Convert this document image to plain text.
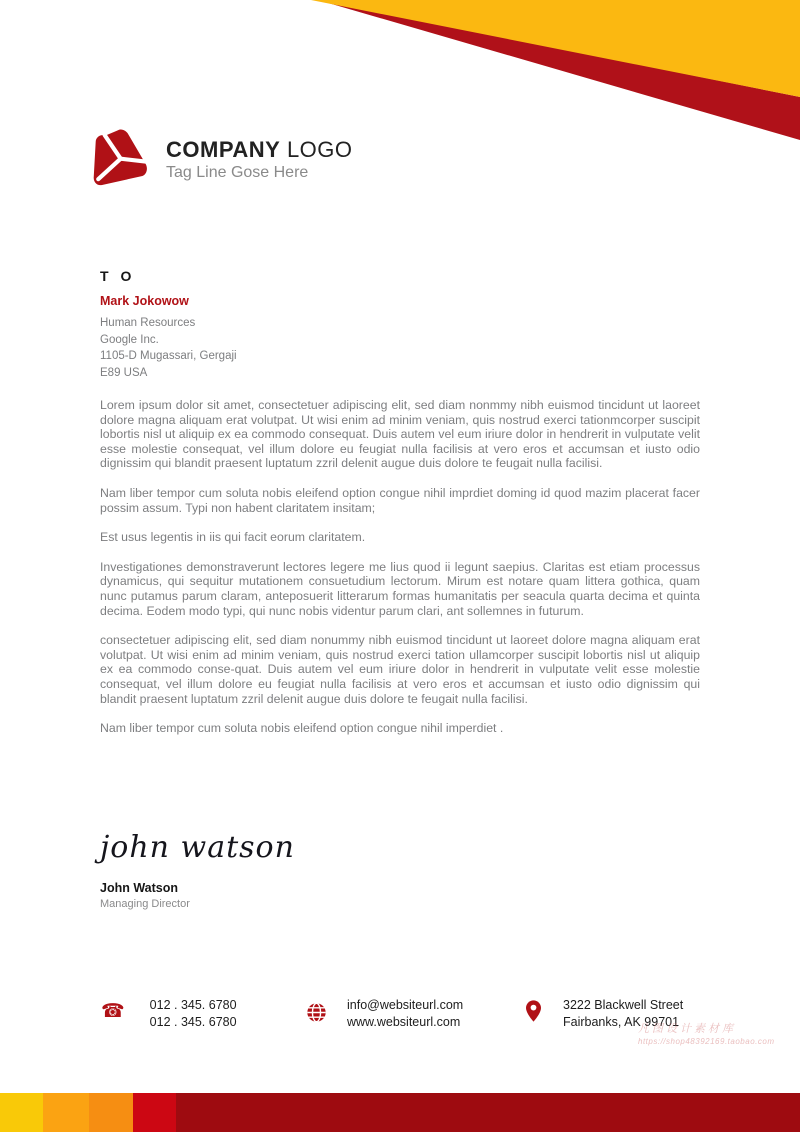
COMPANY LOGO
Tag Line Gose Here
T O
Mark Jokowow
Human Resources
Google Inc.
1105-D Mugassari, Gergaji
E89 USA

Lorem ipsum dolor sit amet, consectetuer adipiscing elit, sed diam nonmmy nibh euismod tincidunt ut laoreet dolore magna aliquam erat volutpat. Ut wisi enim ad minim veniam, quis nostrud exerci tationmcorper suscipit lobortis nisl ut aliquip ex ea commodo consequat. Duis autem vel eum iriure dolor in hendrerit in vulputate velit esse molestie consequat, vel illum dolore eu feugiat nulla facilisis at vero eros et accumsan et iusto odio dignissim qui blandit praesent luptatum zzril delenit augue duis dolore te feugait nulla facilisi.

Nam liber tempor cum soluta nobis eleifend option congue nihil imprdiet doming id quod mazim placerat facer possim assum. Typi non habent claritatem insitam;

Est usus legentis in iis qui facit eorum claritatem.

Investigationes demonstraverunt lectores legere me lius quod ii legunt saepius. Claritas est etiam processus dynamicus, qui sequitur mutationem consuetudium lectorum. Mirum est notare quam littera gothica, quam nunc putamus parum claram, anteposuerit litterarum formas humanitatis per seacula quarta decima et quinta decima. Eodem modo typi, qui nunc nobis videntur parum clari, ant sollemnes in futurum.

consectetuer adipiscing elit, sed diam nonummy nibh euismod tincidunt ut laoreet dolore magna aliquam erat volutpat. Ut wisi enim ad minim veniam, quis nostrud exerci tation ullamcorper suscipit lobortis nisl ut aliquip ex ea commodo conse-quat. Duis autem vel eum iriure dolor in hendrerit in vulputate velit esse molestie consequat, vel illum dolore eu feugiat nulla facilisis at vero eros et accumsan et iusto odio dignissim qui blandit praesent luptatum zzril delenit augue duis dolore te feugait nulla facilisi.

Nam liber tempor cum soluta nobis eleifend option congue nihil imperdiet .

john watson
John Watson
Managing Director
☎ 012 . 345. 6780
012 . 345. 6780
info@websiteurl.com
www.websiteurl.com
3222 Blackwell Street
Fairbanks, AK 99701
凡图设计素材库
https://shop48392169.taobao.com
